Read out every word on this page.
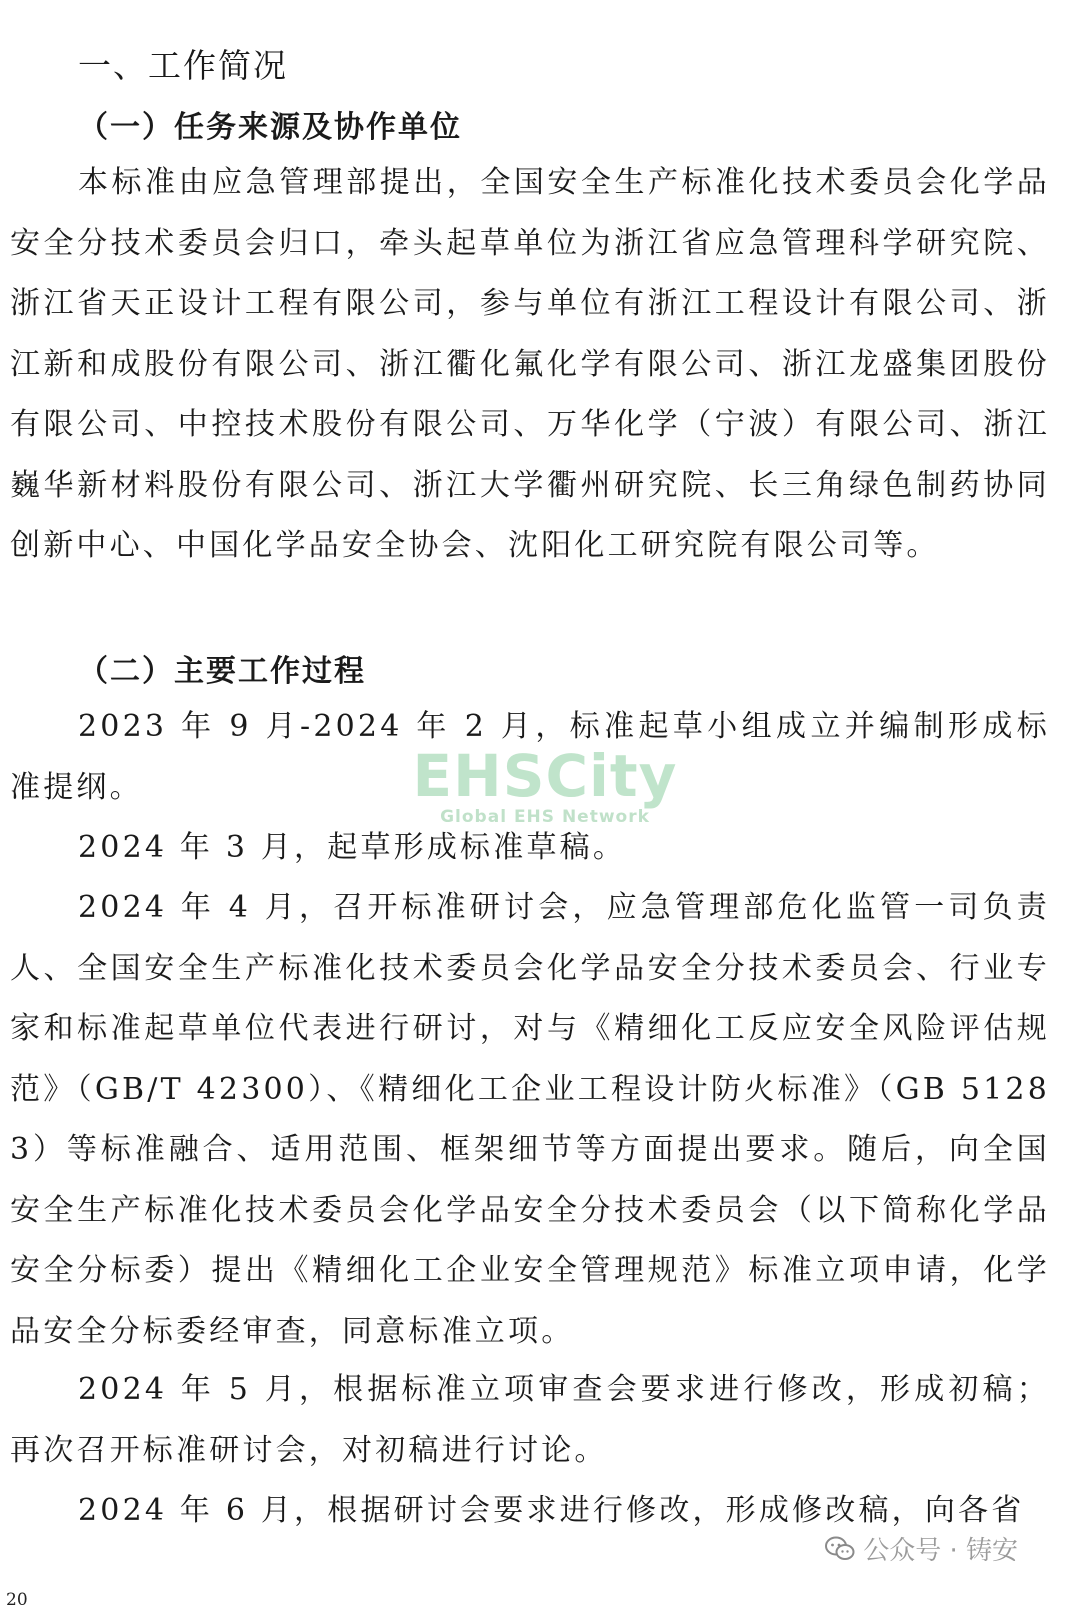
一、工作简况
（一）任务来源及协作单位

本标准由应急管理部提出，全国安全生产标准化技术委员会化学品安全分技术委员会归口，牵头起草单位为浙江省应急管理科学研究院、浙江省天正设计工程有限公司，参与单位有浙江工程设计有限公司、浙江新和成股份有限公司、浙江衢化氟化学有限公司、浙江龙盛集团股份有限公司、中控技术股份有限公司、万华化学（宁波）有限公司、浙江巍华新材料股份有限公司、浙江大学衢州研究院、长三角绿色制药协同创新中心、中国化学品安全协会、沈阳化工研究院有限公司等。

（二）主要工作过程

2023 年 9 月-2024 年 2 月，标准起草小组成立并编制形成标准提纲。

2024 年 3 月，起草形成标准草稿。

2024 年 4 月，召开标准研讨会，应急管理部危化监管一司负责人、全国安全生产标准化技术委员会化学品安全分技术委员会、行业专家和标准起草单位代表进行研讨，对与《精细化工反应安全风险评估规范》（GB/T 42300）、《精细化工企业工程设计防火标准》（GB 51283）等标准融合、适用范围、框架细节等方面提出要求。随后，向全国安全生产标准化技术委员会化学品安全分技术委员会（以下简称化学品安全分标委）提出《精细化工企业安全管理规范》标准立项申请，化学品安全分标委经审查，同意标准立项。

2024 年 5 月，根据标准立项审查会要求进行修改，形成初稿；再次召开标准研讨会，对初稿进行讨论。

2024 年 6 月，根据研讨会要求进行修改，形成修改稿，向各省

EHSCity
Global EHS Network
公众号 · 铸安
20
